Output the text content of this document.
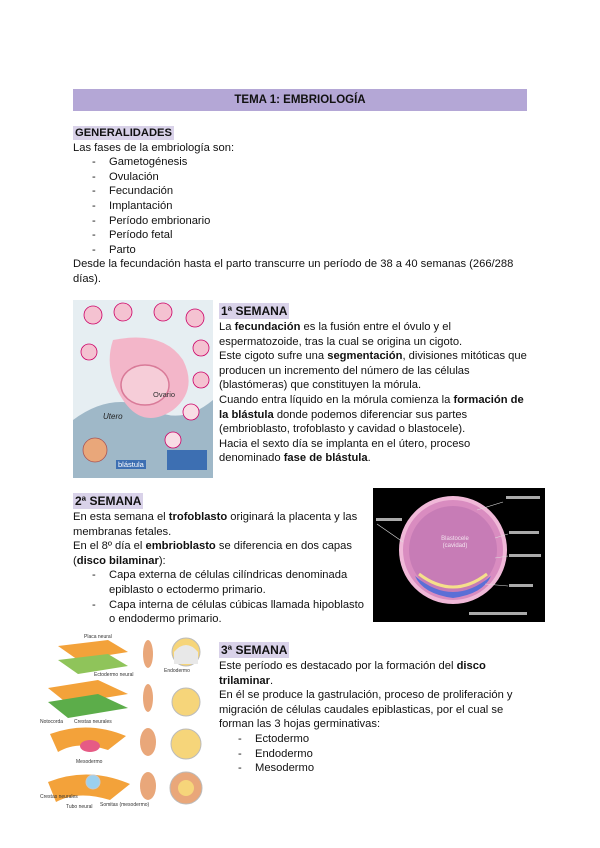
TEMA 1: EMBRIOLOGÍA
GENERALIDADES
Las fases de la embriología son:
- Gametogénesis
- Ovulación
- Fecundación
- Implantación
- Período embrionario
- Período fetal
- Parto
Desde la fecundación hasta el parto transcurre un período de 38 a 40 semanas (266/288
días).
Ovario
Utero
blástula
1ª SEMANA
La fecundación es la fusión entre el óvulo y el
espermatozoide, tras la cual se origina un cigoto.
Este cigoto sufre una segmentación, divisiones mitóticas que
producen un incremento del número de las células
(blastómeras) que constituyen la mórula.
Cuando entra líquido en la mórula comienza la formación de
la blástula donde podemos diferenciar sus partes
(embrioblasto, trofoblasto y cavidad o blastocele).
Hacia el sexto día se implanta en el útero, proceso
denominado fase de blástula.
2ª SEMANA
En esta semana el trofoblasto originará la placenta y las
membranas fetales.
En el 8º día el embrioblasto se diferencia en dos capas
(disco bilaminar):
- Capa externa de células cilíndricas denominada
epiblasto o ectodermo primario.
- Capa interna de células cúbicas llamada hipoblasto
o endodermo primario.
Blastocele (cavidad)
Placa neural
Ectodermo neural
Notocorda Crestas neurales
Mesodermo
Endodermo
Crestas neurales
Tubo neural Somitas (mesodermo)
3ª SEMANA
Este período es destacado por la formación del disco
trilaminar.
En él se produce la gastrulación, proceso de proliferación y
migración de células caudales epiblasticas, por el cual se
forman las 3 hojas germinativas:
- Ectodermo
- Endodermo
- Mesodermo
